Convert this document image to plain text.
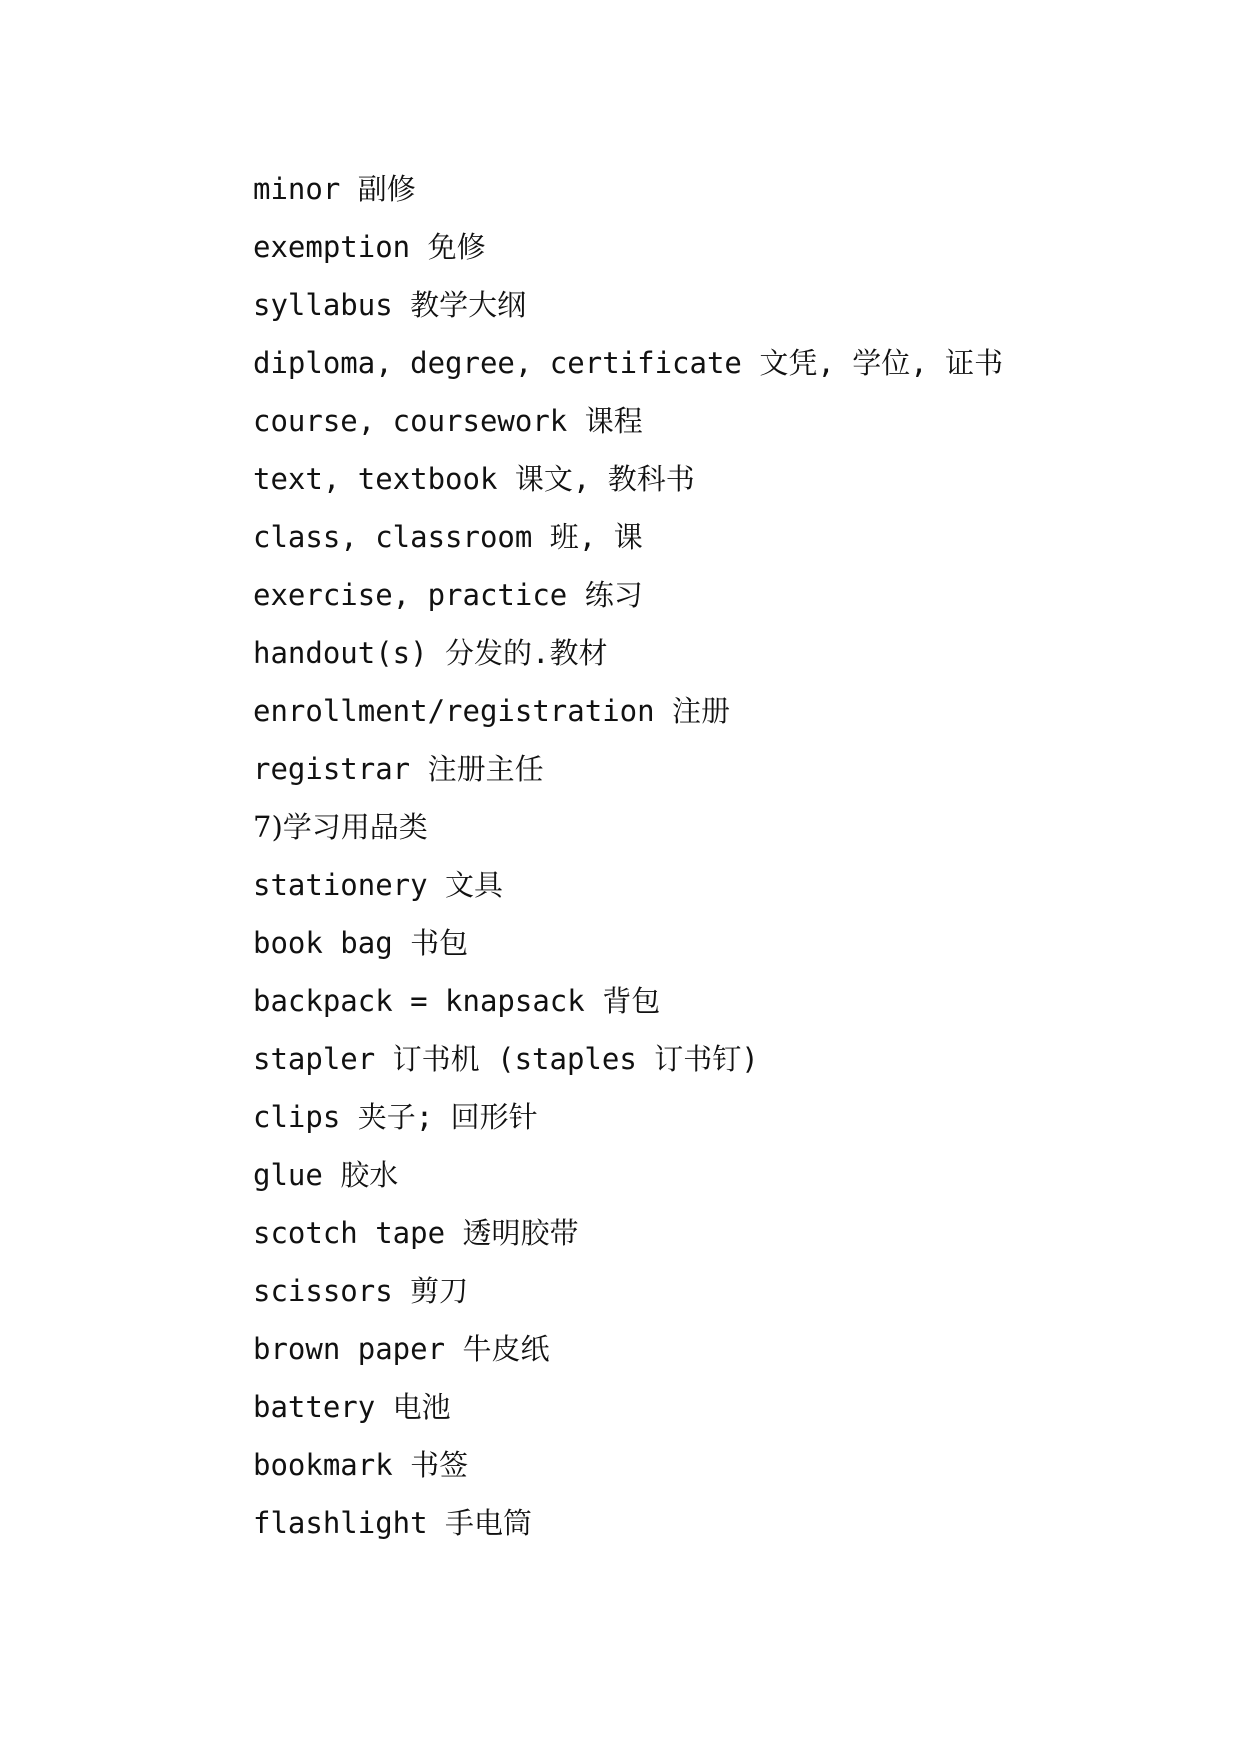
minor 副修
exemption 免修
syllabus 教学大纲
diploma, degree, certificate 文凭, 学位, 证书
course, coursework 课程
text, textbook 课文, 教科书
class, classroom 班, 课
exercise, practice 练习
handout(s) 分发的.教材
enrollment/registration 注册
registrar 注册主任
7)学习用品类
stationery 文具
book bag 书包
backpack = knapsack 背包
stapler 订书机 (staples 订书钉)
clips 夹子; 回形针
glue 胶水
scotch tape 透明胶带
scissors 剪刀
brown paper 牛皮纸
battery 电池
bookmark 书签
flashlight 手电筒
